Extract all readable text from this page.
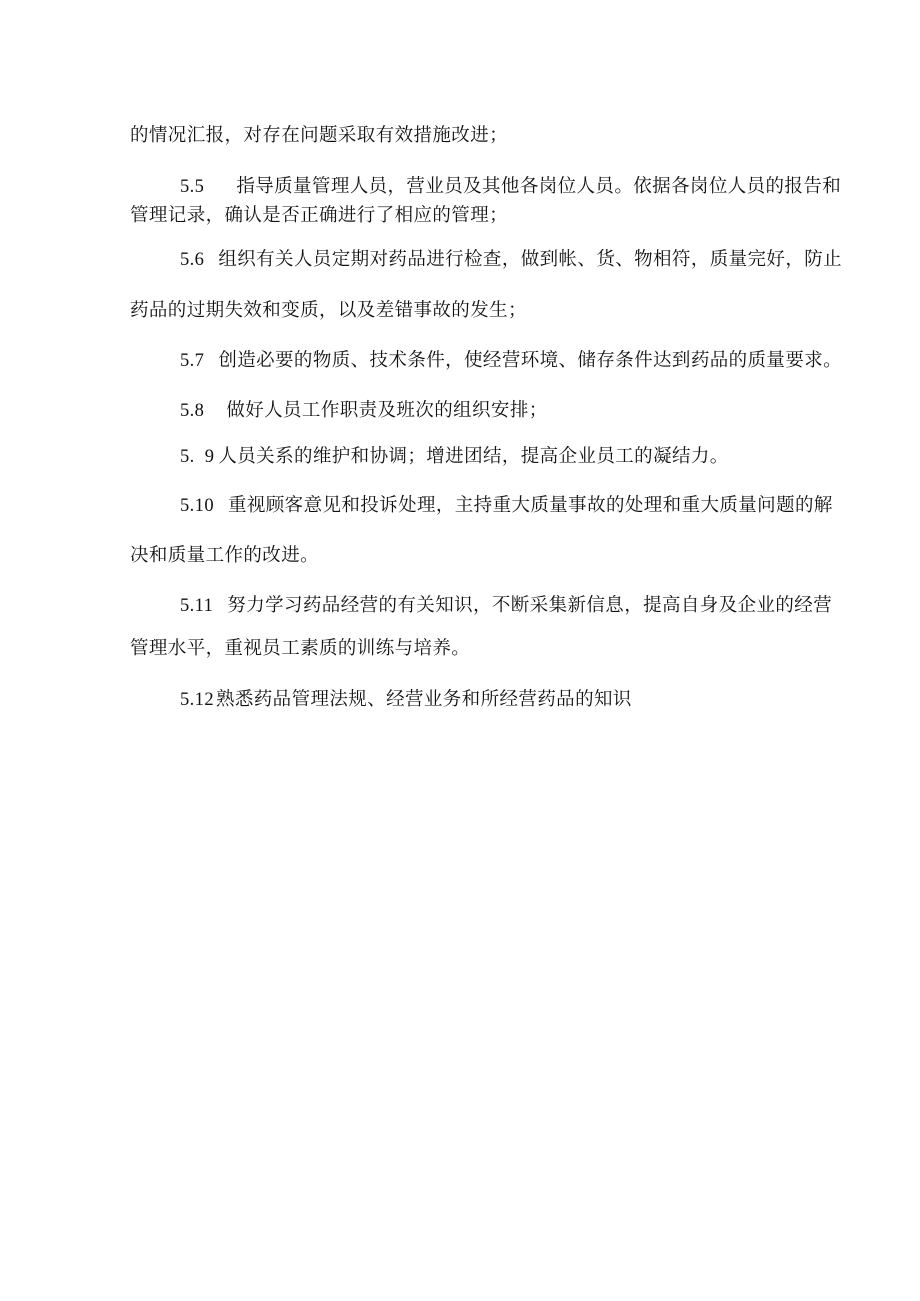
的情况汇报，对存在问题采取有效措施改进；
5.5 指导质量管理人员，营业员及其他各岗位人员。依据各岗位人员的报告和
管理记录，确认是否正确进行了相应的管理；
5.6 组织有关人员定期对药品进行检查，做到帐、货、物相符，质量完好，防止
药品的过期失效和变质，以及差错事故的发生；
5.7 创造必要的物质、技术条件，使经营环境、储存条件达到药品的质量要求。
5.8 做好人员工作职责及班次的组织安排；
5.  9 人员关系的维护和协调；增进团结，提高企业员工的凝结力。
5.10 重视顾客意见和投诉处理，主持重大质量事故的处理和重大质量问题的解
决和质量工作的改进。
5.11 努力学习药品经营的有关知识，不断采集新信息，提高自身及企业的经营
管理水平，重视员工素质的训练与培养。
5.12 熟悉药品管理法规、经营业务和所经营药品的知识
